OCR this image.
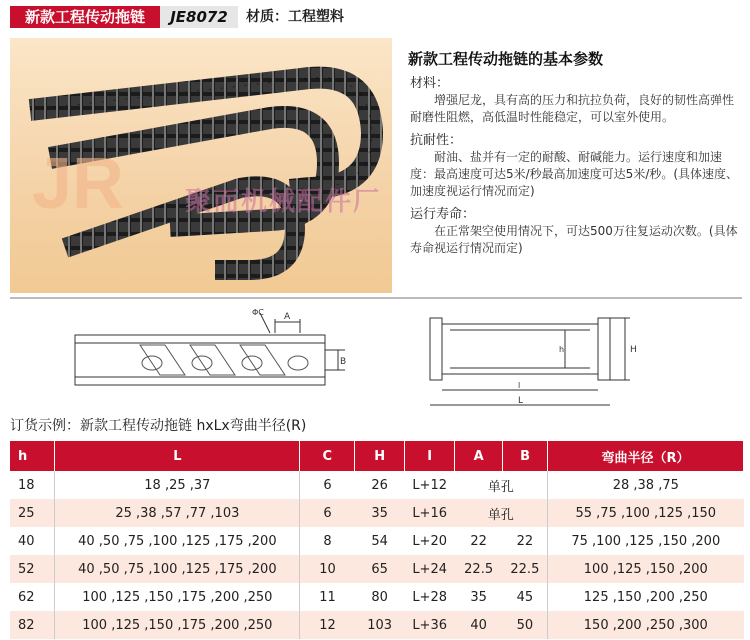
新款工程传动拖链	JE8072	材质：工程塑料
JR 聚而机械配件厂
新款工程传动拖链的基本参数
材料：
增强尼龙，具有高的压力和抗拉负荷，良好的韧性高弹性耐磨性阻燃，高低温时性能稳定，可以室外使用。
抗耐性：
耐油、盐并有一定的耐酸、耐碱能力。运行速度和加速度：最高速度可达5米/秒最高加速度可达5米/秒。(具体速度、加速度视运行情况而定)
运行寿命：
在正常架空使用情况下，可达500万往复运动次数。(具体寿命视运行情况而定)
ΦC A
B
h	H
l
L
订货示例：新款工程传动拖链 hxLx弯曲半径(R)
h	L	C	H	I	A	B	弯曲半径（R）
18	18 ,25 ,37	6	26	L+12	单孔		28 ,38 ,75
25	25 ,38 ,57 ,77 ,103	6	35	L+16	单孔		55 ,75 ,100 ,125 ,150
40	40 ,50 ,75 ,100 ,125 ,175 ,200	8	54	L+20	22	22	75 ,100 ,125 ,150 ,200
52	40 ,50 ,75 ,100 ,125 ,175 ,200	10	65	L+24	22.5	22.5	100 ,125 ,150 ,200
62	100 ,125 ,150 ,175 ,200 ,250	11	80	L+28	35	45	125 ,150 ,200 ,250
82	100 ,125 ,150 ,175 ,200 ,250	12	103	L+36	40	50	150 ,200 ,250 ,300
